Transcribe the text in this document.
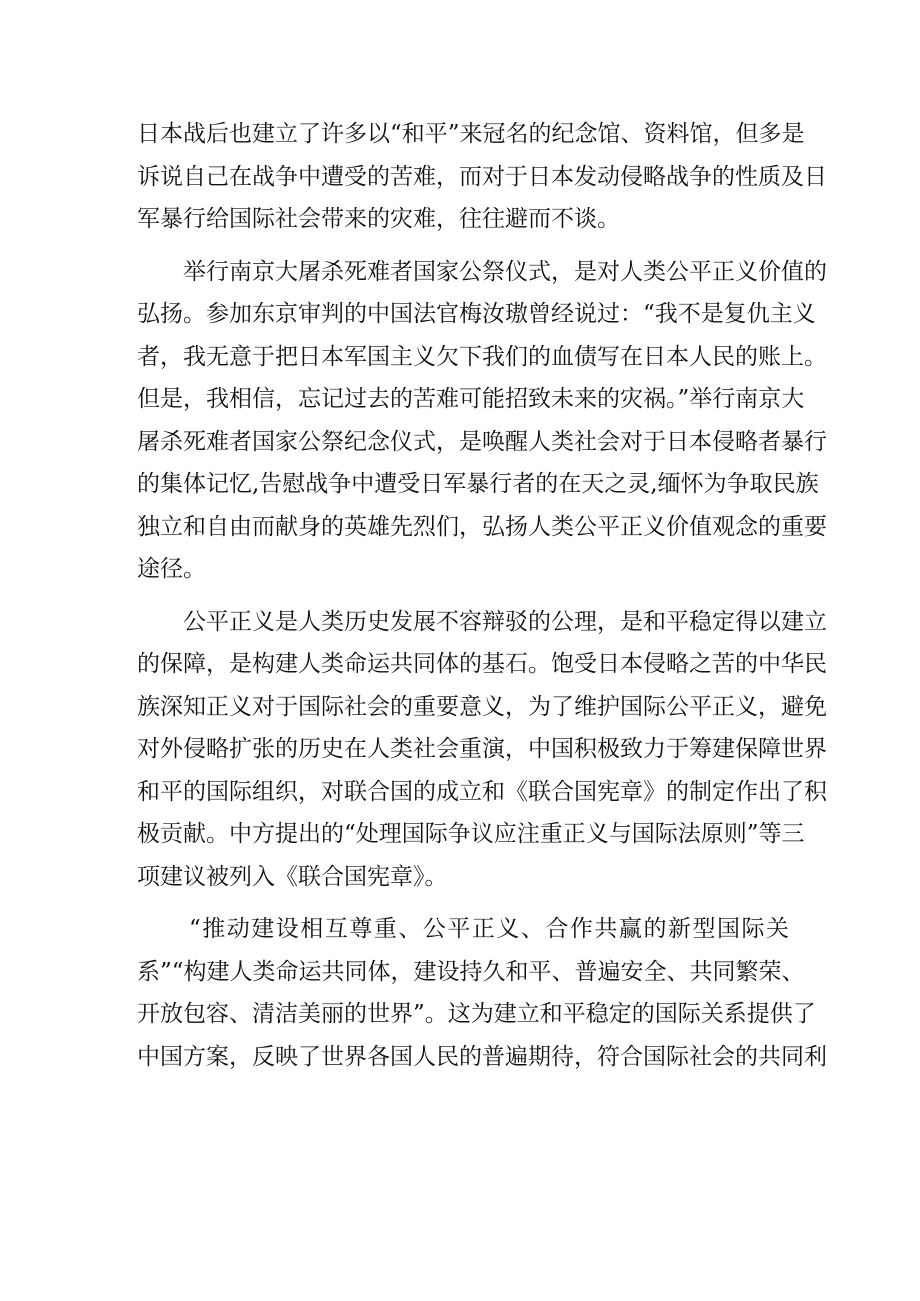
日本战后也建立了许多以“和平”来冠名的纪念馆、资料馆，但多是
诉说自己在战争中遭受的苦难，而对于日本发动侵略战争的性质及日
军暴行给国际社会带来的灾难，往往避而不谈。
举行南京大屠杀死难者国家公祭仪式，是对人类公平正义价值的
弘扬。参加东京审判的中国法官梅汝璈曾经说过：“我不是复仇主义
者，我无意于把日本军国主义欠下我们的血债写在日本人民的账上。
但是，我相信，忘记过去的苦难可能招致未来的灾祸。”举行南京大
屠杀死难者国家公祭纪念仪式，是唤醒人类社会对于日本侵略者暴行
的集体记忆,告慰战争中遭受日军暴行者的在天之灵,缅怀为争取民族
独立和自由而献身的英雄先烈们，弘扬人类公平正义价值观念的重要
途径。
公平正义是人类历史发展不容辩驳的公理，是和平稳定得以建立
的保障，是构建人类命运共同体的基石。饱受日本侵略之苦的中华民
族深知正义对于国际社会的重要意义，为了维护国际公平正义，避免
对外侵略扩张的历史在人类社会重演，中国积极致力于筹建保障世界
和平的国际组织，对联合国的成立和《联合国宪章》的制定作出了积
极贡献。中方提出的“处理国际争议应注重正义与国际法原则”等三
项建议被列入《联合国宪章》。
“推动建设相互尊重、公平正义、合作共赢的新型国际关
系”“构建人类命运共同体，建设持久和平、普遍安全、共同繁荣、
开放包容、清洁美丽的世界”。这为建立和平稳定的国际关系提供了
中国方案，反映了世界各国人民的普遍期待，符合国际社会的共同利
